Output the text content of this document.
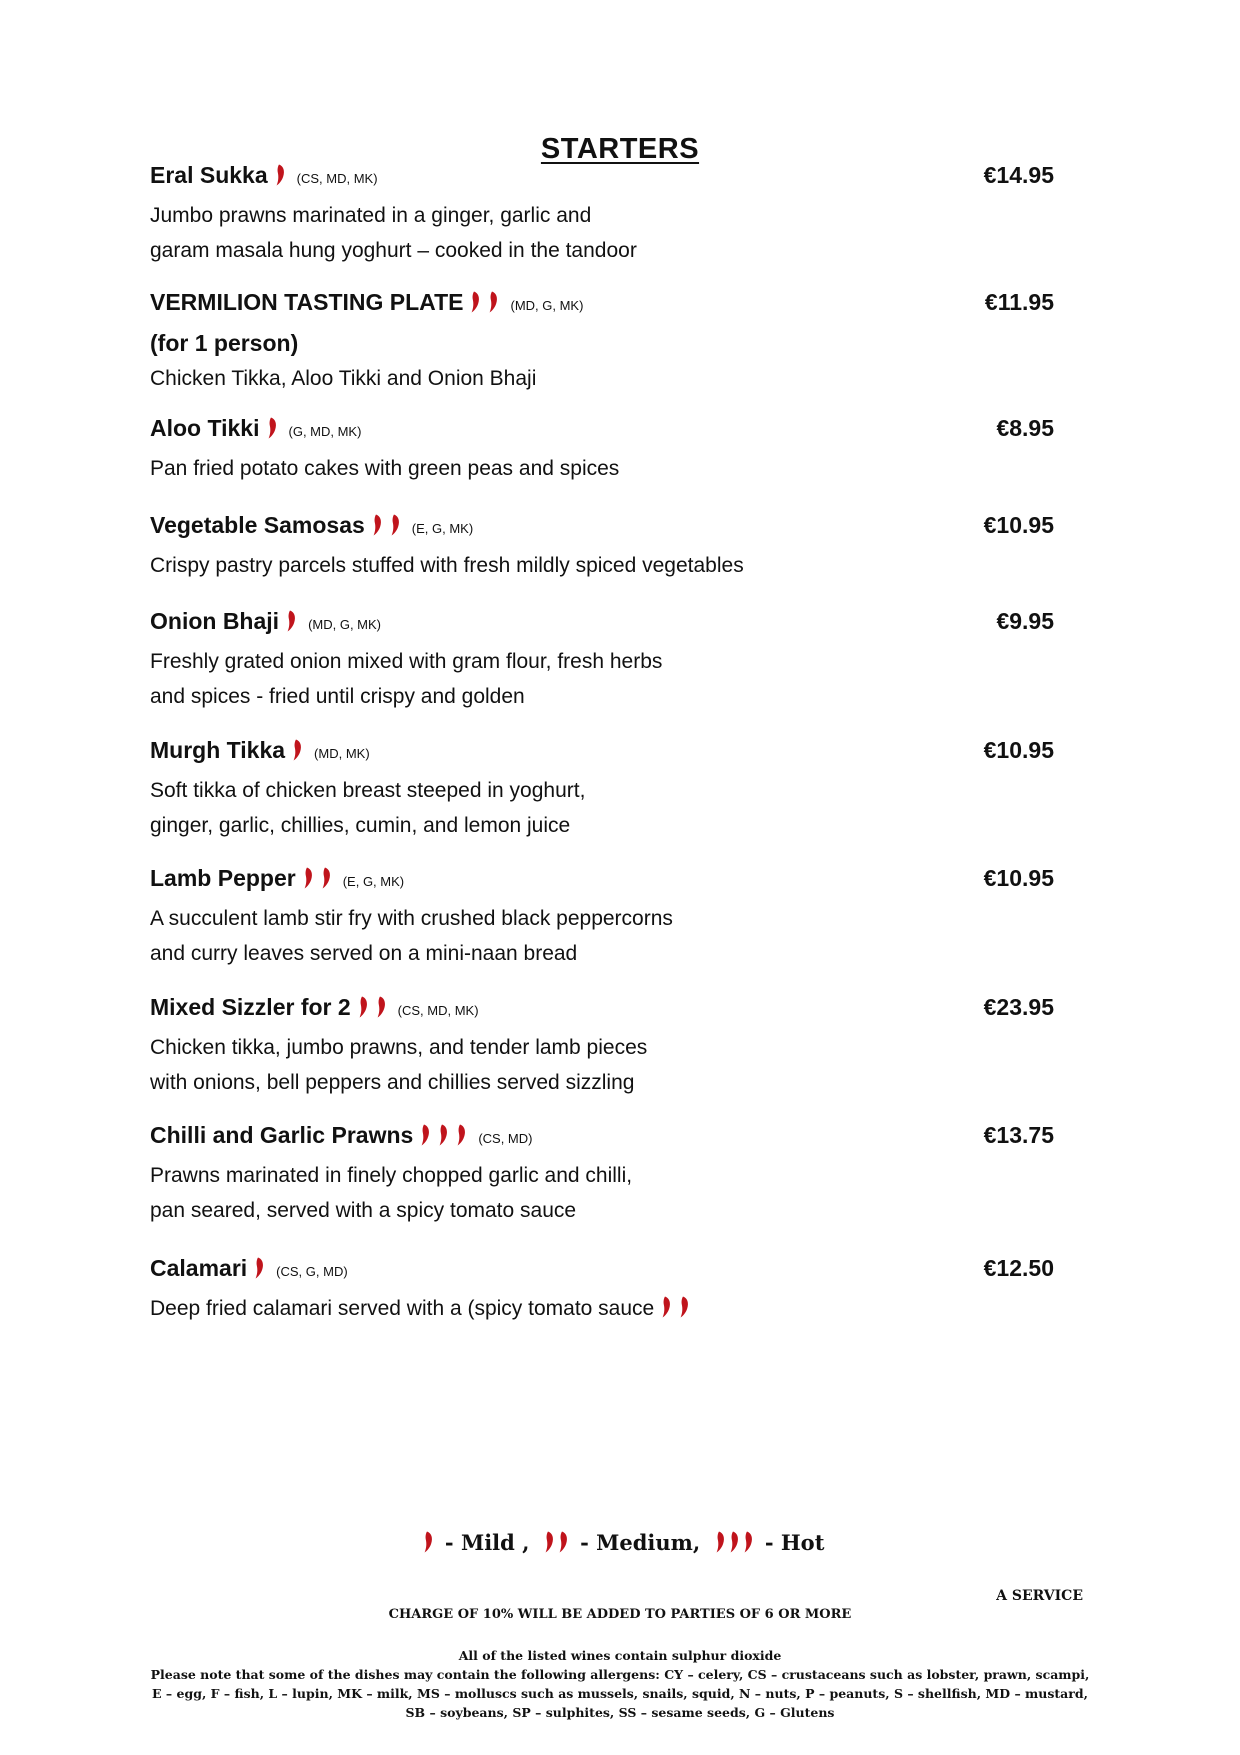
STARTERS
Eral Sukka (CS, MD, MK)	€14.95
Jumbo prawns marinated in a ginger, garlic and
garam masala hung yoghurt – cooked in the tandoor
VERMILION TASTING PLATE	(MD, G, MK)	€11.95
(for 1 person)
Chicken Tikka, Aloo Tikki and Onion Bhaji
Aloo Tikki (G, MD, MK)	€8.95
Pan fried potato cakes with green peas and spices
Vegetable Samosas	(E, G, MK)	€10.95
Crispy pastry parcels stuffed with fresh mildly spiced vegetables
Onion Bhaji (MD, G, MK)	€9.95
Freshly grated onion mixed with gram flour, fresh herbs
and spices - fried until crispy and golden
Murgh Tikka (MD, MK)	€10.95
Soft tikka of chicken breast steeped in yoghurt,
ginger, garlic, chillies, cumin, and lemon juice
Lamb Pepper	(E, G, MK)	€10.95
A succulent lamb stir fry with crushed black peppercorns
and curry leaves served on a mini-naan bread
Mixed Sizzler for 2	(CS, MD, MK)	€23.95
Chicken tikka, jumbo prawns, and tender lamb pieces
with onions, bell peppers and chillies served sizzling
Chilli and Garlic Prawns	(CS, MD)	€13.75
Prawns marinated in finely chopped garlic and chilli,
pan seared, served with a spicy tomato sauce
Calamari (CS, G, MD)	€12.50
Deep fried calamari served with a (spicy tomato sauce
- Mild , - Medium,	- Hot
A SERVICE
CHARGE OF 10% WILL BE ADDED TO PARTIES OF 6 OR MORE
All of the listed wines contain sulphur dioxide
Please note that some of the dishes may contain the following allergens: CY – celery, CS – crustaceans such as lobster, prawn, scampi, E – egg, F – fish, L – lupin, MK – milk, MS – molluscs such as mussels, snails, squid, N – nuts, P – peanuts, S – shellfish, MD – mustard, SB – soybeans, SP – sulphites, SS – sesame seeds, G – Glutens
